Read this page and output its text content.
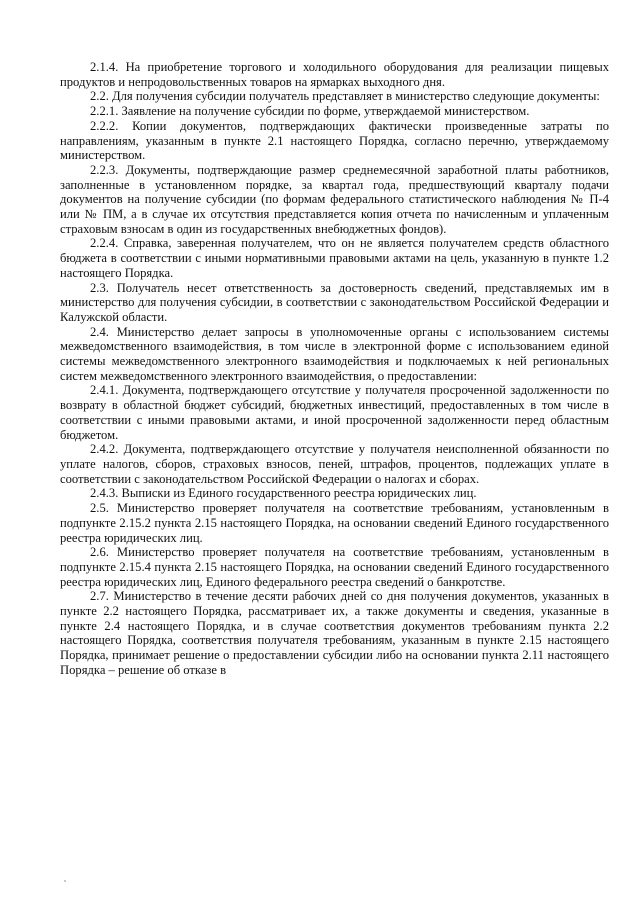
2.1.4. На приобретение торгового и холодильного оборудования для реализации пищевых продуктов и непродовольственных товаров на ярмарках выходного дня.

2.2. Для получения субсидии получатель представляет в министерство следующие документы:

2.2.1. Заявление на получение субсидии по форме, утверждаемой министерством.

2.2.2. Копии документов, подтверждающих фактически произведенные затраты по направлениям, указанным в пункте 2.1 настоящего Порядка, согласно перечню, утверждаемому министерством.

2.2.3. Документы, подтверждающие размер среднемесячной заработной платы работников, заполненные в установленном порядке, за квартал года, предшествующий кварталу подачи документов на получение субсидии (по формам федерального статистического наблюдения № П-4 или № ПМ, а в случае их отсутствия представляется копия отчета по начисленным и уплаченным страховым взносам в один из государственных внебюджетных фондов).

2.2.4. Справка, заверенная получателем, что он не является получателем средств областного бюджета в соответствии с иными нормативными правовыми актами на цель, указанную в пункте 1.2 настоящего Порядка.

2.3. Получатель несет ответственность за достоверность сведений, представляемых им в министерство для получения субсидии, в соответствии с законодательством Российской Федерации и Калужской области.

2.4. Министерство делает запросы в уполномоченные органы с использованием системы межведомственного взаимодействия, в том числе в электронной форме с использованием единой системы межведомственного электронного взаимодействия и подключаемых к ней региональных систем межведомственного электронного взаимодействия, о предоставлении:

2.4.1. Документа, подтверждающего отсутствие у получателя просроченной задолженности по возврату в областной бюджет субсидий, бюджетных инвестиций, предоставленных в том числе в соответствии с иными правовыми актами, и иной просроченной задолженности перед областным бюджетом.

2.4.2. Документа, подтверждающего отсутствие у получателя неисполненной обязанности по уплате налогов, сборов, страховых взносов, пеней, штрафов, процентов, подлежащих уплате в соответствии с законодательством Российской Федерации о налогах и сборах.

2.4.3. Выписки из Единого государственного реестра юридических лиц.

2.5. Министерство проверяет получателя на соответствие требованиям, установленным в подпункте 2.15.2 пункта 2.15 настоящего Порядка, на основании сведений Единого государственного реестра юридических лиц.

2.6. Министерство проверяет получателя на соответствие требованиям, установленным в подпункте 2.15.4 пункта 2.15 настоящего Порядка, на основании сведений Единого государственного реестра юридических лиц, Единого федерального реестра сведений о банкротстве.

2.7. Министерство в течение десяти рабочих дней со дня получения документов, указанных в пункте 2.2 настоящего Порядка, рассматривает их, а также документы и сведения, указанные в пункте 2.4 настоящего Порядка, и в случае соответствия документов требованиям пункта 2.2 настоящего Порядка, соответствия получателя требованиям, указанным в пункте 2.15 настоящего Порядка, принимает решение о предоставлении субсидии либо на основании пункта 2.11 настоящего Порядка – решение об отказе в
